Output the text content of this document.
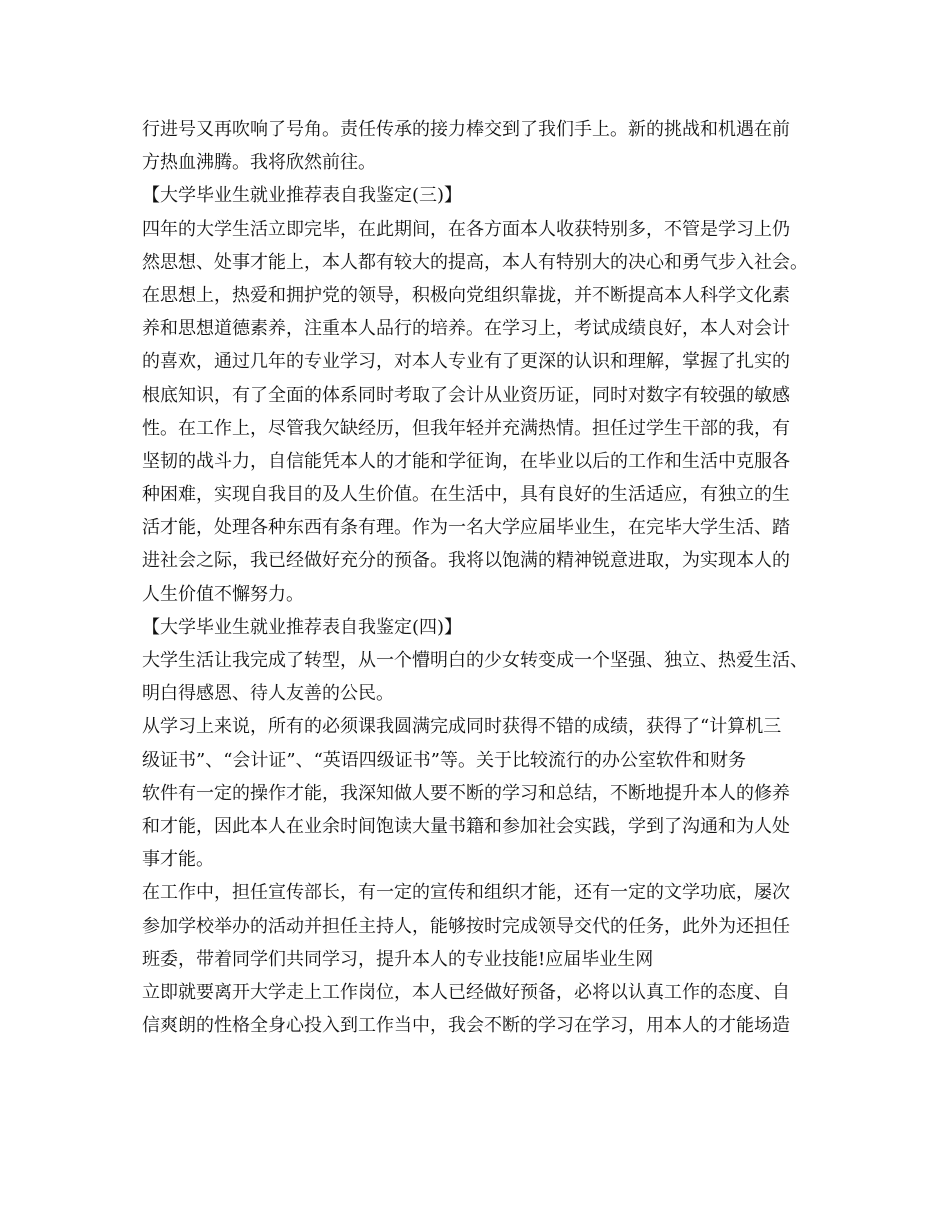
行进号又再吹响了号角。责任传承的接力棒交到了我们手上。新的挑战和机遇在前
方热血沸腾。我将欣然前往。
【大学毕业生就业推荐表自我鉴定(三)】
四年的大学生活立即完毕，在此期间，在各方面本人收获特别多，不管是学习上仍
然思想、处事才能上，本人都有较大的提高，本人有特别大的决心和勇气步入社会。
在思想上，热爱和拥护党的领导，积极向党组织靠拢，并不断提高本人科学文化素
养和思想道德素养，注重本人品行的培养。在学习上，考试成绩良好，本人对会计
的喜欢，通过几年的专业学习，对本人专业有了更深的认识和理解，掌握了扎实的
根底知识，有了全面的体系同时考取了会计从业资历证，同时对数字有较强的敏感
性。在工作上，尽管我欠缺经历，但我年轻并充满热情。担任过学生干部的我，有
坚韧的战斗力，自信能凭本人的才能和学征询，在毕业以后的工作和生活中克服各
种困难，实现自我目的及人生价值。在生活中，具有良好的生活适应，有独立的生
活才能，处理各种东西有条有理。作为一名大学应届毕业生，在完毕大学生活、踏
进社会之际，我已经做好充分的预备。我将以饱满的精神锐意进取，为实现本人的
人生价值不懈努力。
【大学毕业生就业推荐表自我鉴定(四)】
大学生活让我完成了转型，从一个懵明白的少女转变成一个坚强、独立、热爱生活、
明白得感恩、待人友善的公民。
从学习上来说，所有的必须课我圆满完成同时获得不错的成绩，获得了“计算机三
级证书”、“会计证”、“英语四级证书”等。关于比较流行的办公室软件和财务
软件有一定的操作才能，我深知做人要不断的学习和总结，不断地提升本人的修养
和才能，因此本人在业余时间饱读大量书籍和参加社会实践，学到了沟通和为人处
事才能。
在工作中，担任宣传部长，有一定的宣传和组织才能，还有一定的文学功底，屡次
参加学校举办的活动并担任主持人，能够按时完成领导交代的任务，此外为还担任
班委，带着同学们共同学习，提升本人的专业技能!应届毕业生网
立即就要离开大学走上工作岗位，本人已经做好预备，必将以认真工作的态度、自
信爽朗的性格全身心投入到工作当中，我会不断的学习在学习，用本人的才能场造
